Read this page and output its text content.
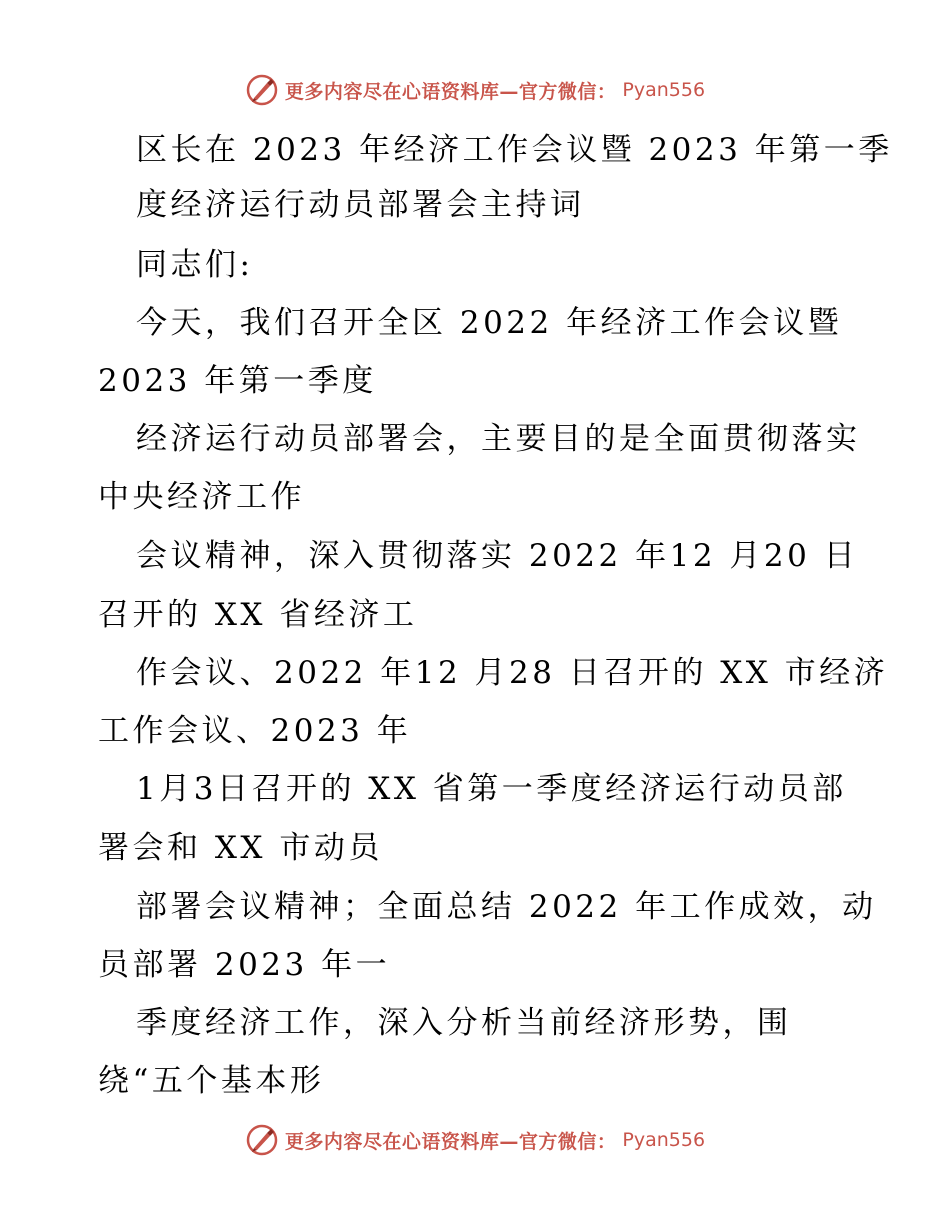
更多内容尽在心语资料库—官方微信： Pyan556
区长在 2023 年经济工作会议暨 2023 年第一季
度经济运行动员部署会主持词
同志们:
今天，我们召开全区 2022 年经济工作会议暨
2023 年第一季度
经济运行动员部署会，主要目的是全面贯彻落实
中央经济工作
会议精神，深入贯彻落实 2022 年12 月20 日
召开的 XX 省经济工
作会议、2022 年12 月28 日召开的 XX 市经济
工作会议、2023 年
1月3日召开的 XX 省第一季度经济运行动员部
署会和 XX 市动员
部署会议精神；全面总结 2022 年工作成效，动
员部署 2023 年一
季度经济工作，深入分析当前经济形势，围
绕“五个基本形
更多内容尽在心语资料库—官方微信： Pyan556
